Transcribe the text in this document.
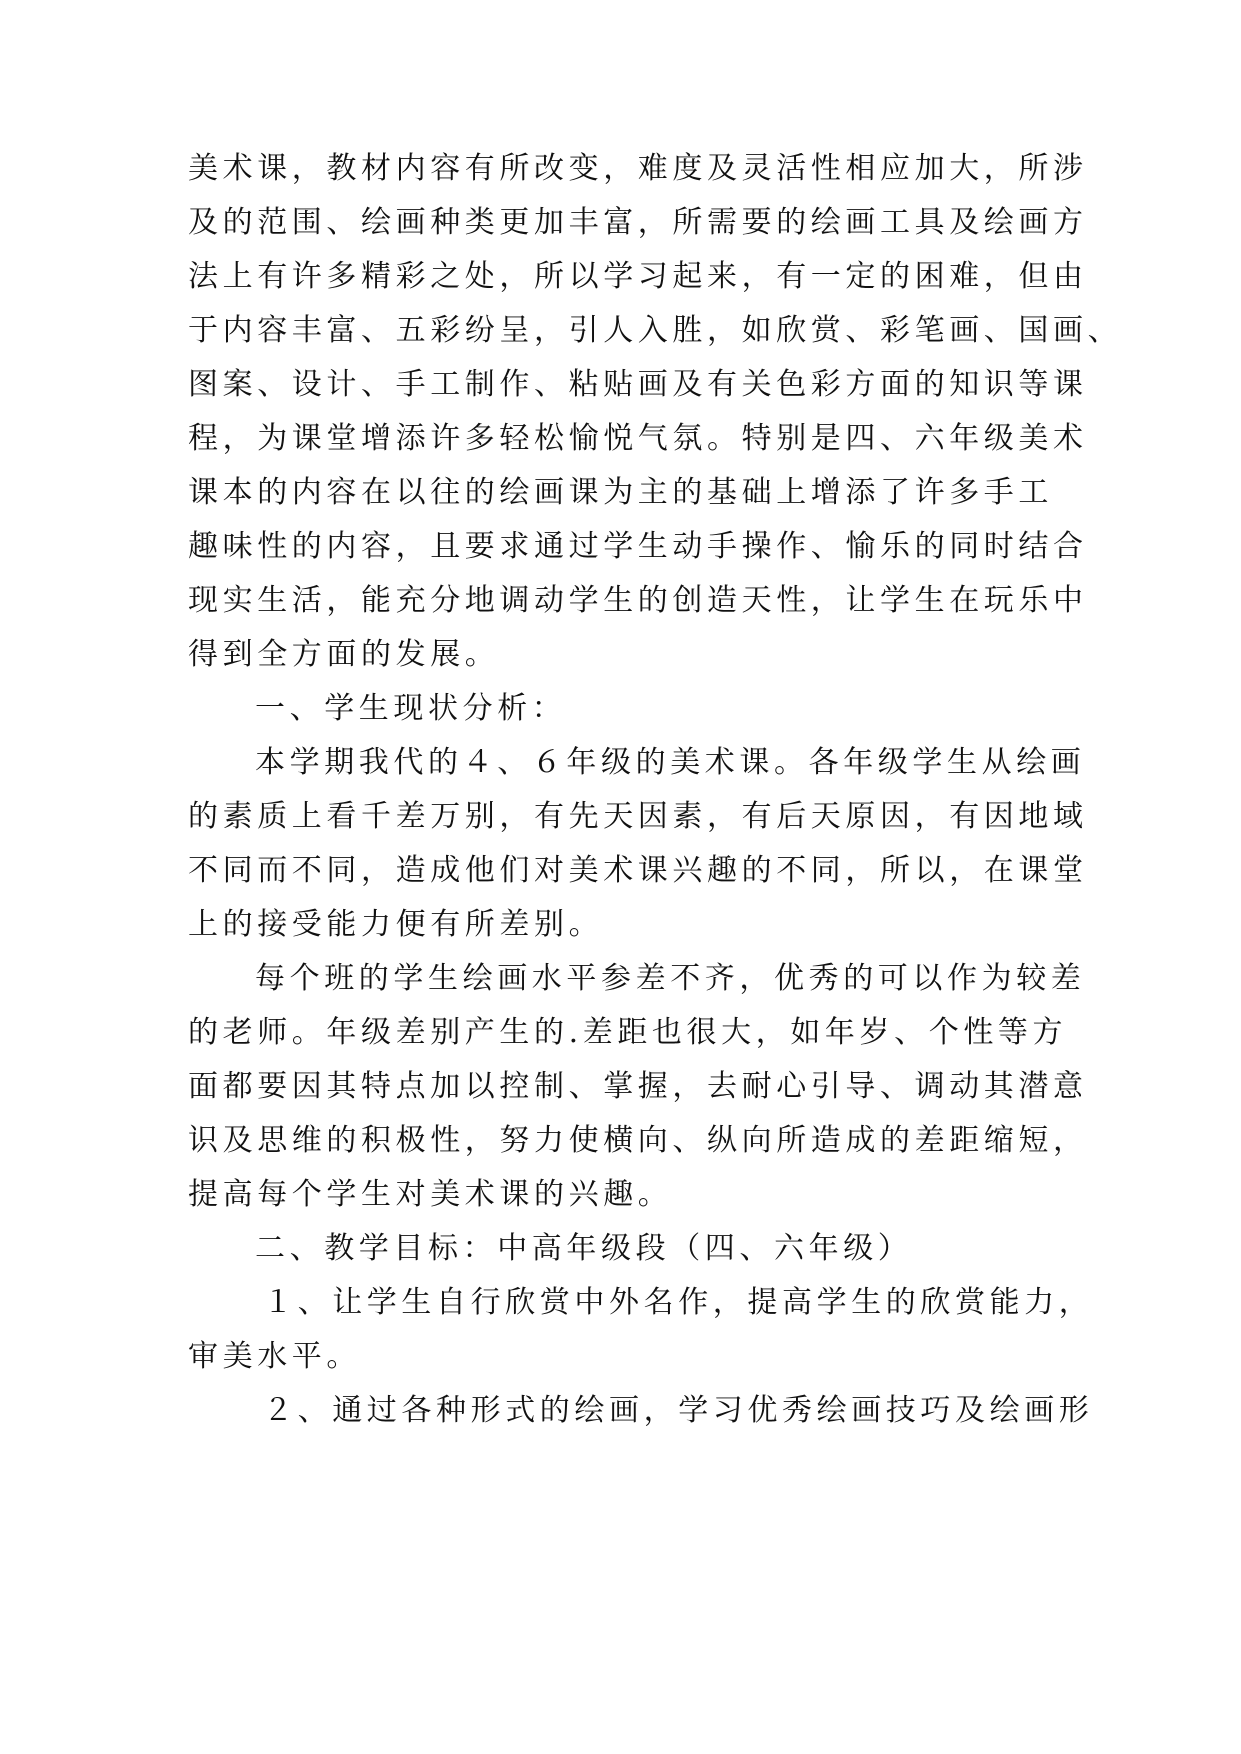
美术课，教材内容有所改变，难度及灵活性相应加大，所涉
及的范围、绘画种类更加丰富，所需要的绘画工具及绘画方
法上有许多精彩之处，所以学习起来，有一定的困难，但由
于内容丰富、五彩纷呈，引人入胜，如欣赏、彩笔画、国画、
图案、设计、手工制作、粘贴画及有关色彩方面的知识等课
程，为课堂增添许多轻松愉悦气氛。特别是四、六年级美术
课本的内容在以往的绘画课为主的基础上增添了许多手工
趣味性的内容，且要求通过学生动手操作、愉乐的同时结合
现实生活，能充分地调动学生的创造天性，让学生在玩乐中
得到全方面的发展。
一、学生现状分析：
本学期我代的４、６年级的美术课。各年级学生从绘画
的素质上看千差万别，有先天因素，有后天原因，有因地域
不同而不同，造成他们对美术课兴趣的不同，所以，在课堂
上的接受能力便有所差别。
每个班的学生绘画水平参差不齐，优秀的可以作为较差
的老师。年级差别产生的.差距也很大，如年岁、个性等方
面都要因其特点加以控制、掌握，去耐心引导、调动其潜意
识及思维的积极性，努力使横向、纵向所造成的差距缩短，
提高每个学生对美术课的兴趣。
二、教学目标：中高年级段（四、六年级）
１、让学生自行欣赏中外名作，提高学生的欣赏能力，
审美水平。
２、通过各种形式的绘画，学习优秀绘画技巧及绘画形
